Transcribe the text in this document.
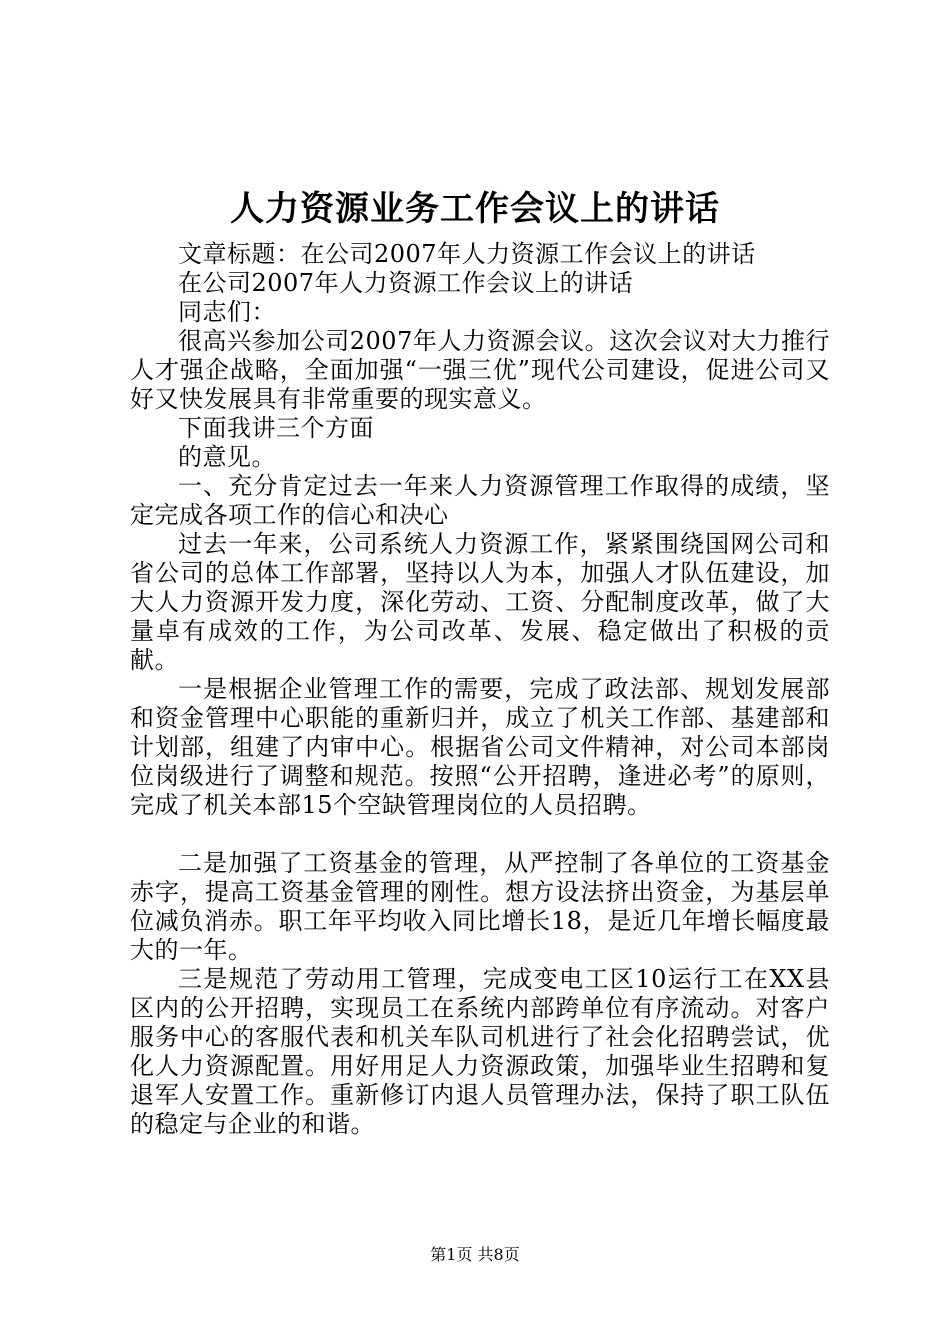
人力资源业务工作会议上的讲话

文章标题：在公司2007年人力资源工作会议上的讲话

在公司2007年人力资源工作会议上的讲话

同志们：

很高兴参加公司2007年人力资源会议。这次会议对大力推行人才强企战略，全面加强“一强三优”现代公司建设，促进公司又好又快发展具有非常重要的现实意义。

下面我讲三个方面

的意见。

一、充分肯定过去一年来人力资源管理工作取得的成绩，坚定完成各项工作的信心和决心

过去一年来，公司系统人力资源工作，紧紧围绕国网公司和省公司的总体工作部署，坚持以人为本，加强人才队伍建设，加大人力资源开发力度，深化劳动、工资、分配制度改革，做了大量卓有成效的工作，为公司改革、发展、稳定做出了积极的贡献。

一是根据企业管理工作的需要，完成了政法部、规划发展部和资金管理中心职能的重新归并，成立了机关工作部、基建部和计划部，组建了内审中心。根据省公司文件精神，对公司本部岗位岗级进行了调整和规范。按照“公开招聘，逢进必考”的原则，完成了机关本部15个空缺管理岗位的人员招聘。

二是加强了工资基金的管理，从严控制了各单位的工资基金赤字，提高工资基金管理的刚性。想方设法挤出资金，为基层单位减负消赤。职工年平均收入同比增长18，是近几年增长幅度最大的一年。

三是规范了劳动用工管理，完成变电工区10运行工在XX县区内的公开招聘，实现员工在系统内部跨单位有序流动。对客户服务中心的客服代表和机关车队司机进行了社会化招聘尝试，优化人力资源配置。用好用足人力资源政策，加强毕业生招聘和复退军人安置工作。重新修订内退人员管理办法，保持了职工队伍的稳定与企业的和谐。

第1页 共8页
